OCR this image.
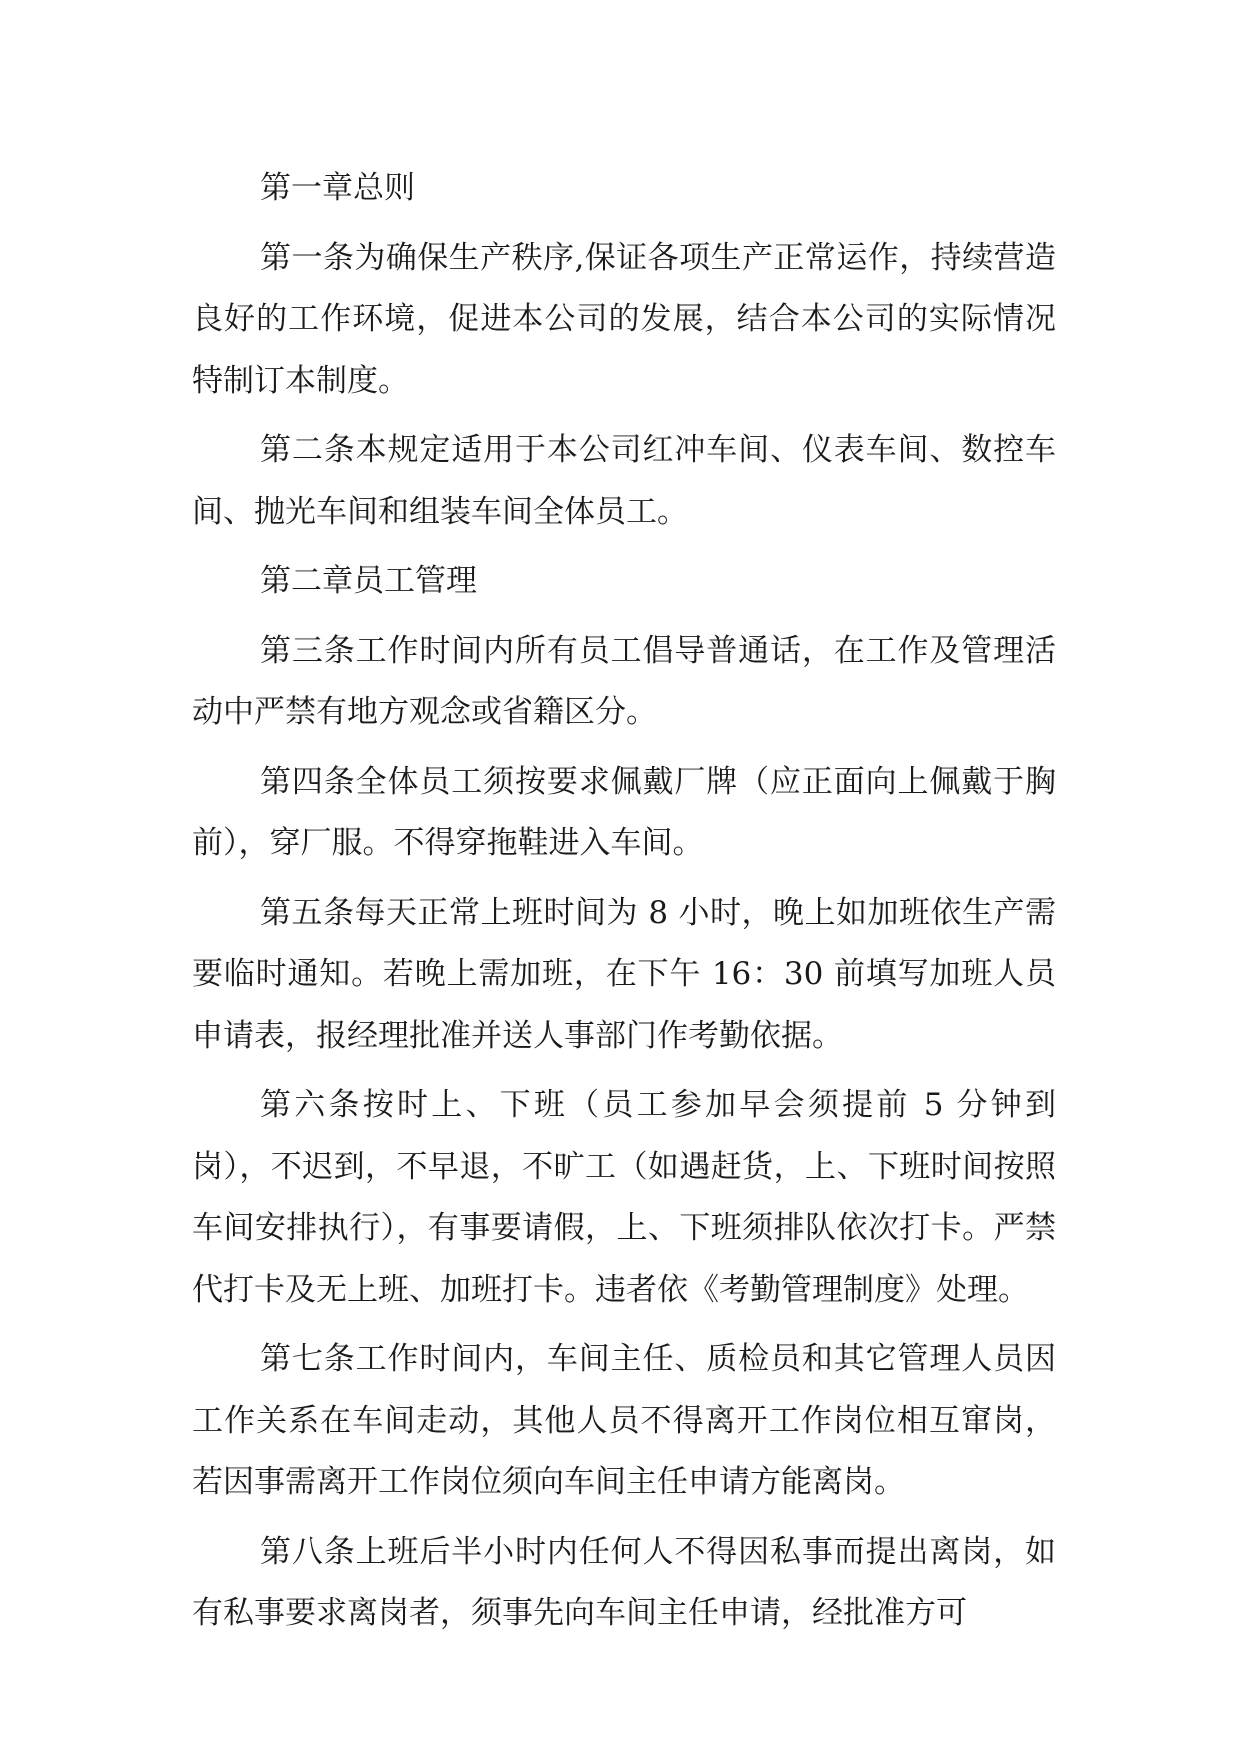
第一章总则

第一条为确保生产秩序,保证各项生产正常运作，持续营造良好的工作环境，促进本公司的发展，结合本公司的实际情况特制订本制度。

第二条本规定适用于本公司红冲车间、仪表车间、数控车间、抛光车间和组装车间全体员工。

第二章员工管理

第三条工作时间内所有员工倡导普通话，在工作及管理活动中严禁有地方观念或省籍区分。

第四条全体员工须按要求佩戴厂牌（应正面向上佩戴于胸前），穿厂服。不得穿拖鞋进入车间。

第五条每天正常上班时间为 8 小时，晚上如加班依生产需要临时通知。若晚上需加班，在下午 16：30 前填写加班人员申请表，报经理批准并送人事部门作考勤依据。

第六条按时上、下班（员工参加早会须提前 5 分钟到岗），不迟到，不早退，不旷工（如遇赶货，上、下班时间按照车间安排执行），有事要请假，上、下班须排队依次打卡。严禁代打卡及无上班、加班打卡。违者依《考勤管理制度》处理。

第七条工作时间内，车间主任、质检员和其它管理人员因工作关系在车间走动，其他人员不得离开工作岗位相互窜岗，若因事需离开工作岗位须向车间主任申请方能离岗。

第八条上班后半小时内任何人不得因私事而提出离岗，如有私事要求离岗者，须事先向车间主任申请，经批准方可
